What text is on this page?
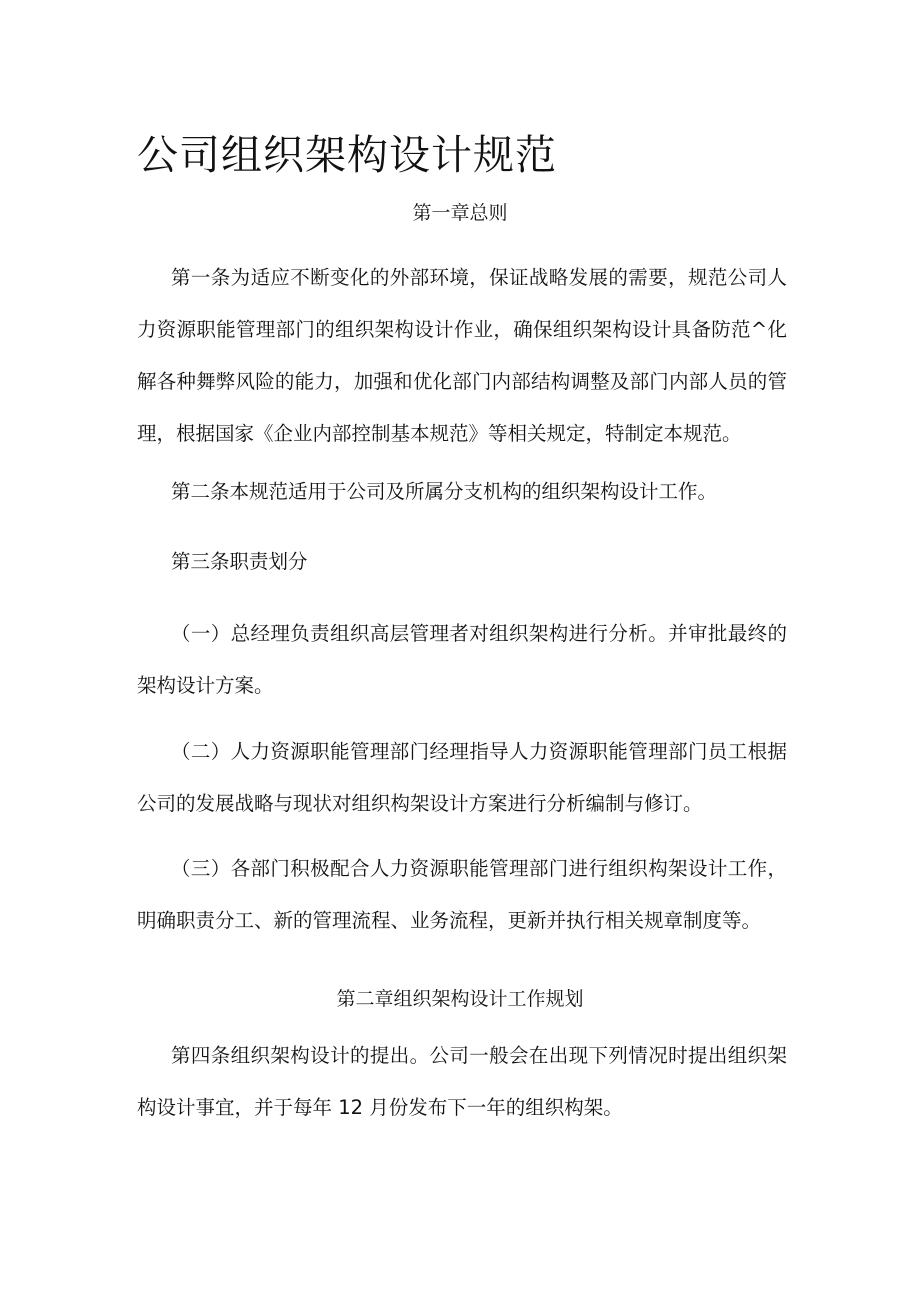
公司组织架构设计规范

第一章总则

第一条为适应不断变化的外部环境，保证战略发展的需要，规范公司人力资源职能管理部门的组织架构设计作业，确保组织架构设计具备防范^化解各种舞弊风险的能力，加强和优化部门内部结构调整及部门内部人员的管理，根据国家《企业内部控制基本规范》等相关规定，特制定本规范。

第二条本规范适用于公司及所属分支机构的组织架构设计工作。

第三条职责划分

（一）总经理负责组织高层管理者对组织架构进行分析。并审批最终的架构设计方案。

（二）人力资源职能管理部门经理指导人力资源职能管理部门员工根据公司的发展战略与现状对组织构架设计方案进行分析编制与修订。

（三）各部门积极配合人力资源职能管理部门进行组织构架设计工作，明确职责分工、新的管理流程、业务流程，更新并执行相关规章制度等。

第二章组织架构设计工作规划

第四条组织架构设计的提出。公司一般会在出现下列情况时提出组织架构设计事宜，并于每年 12 月份发布下一年的组织构架。
